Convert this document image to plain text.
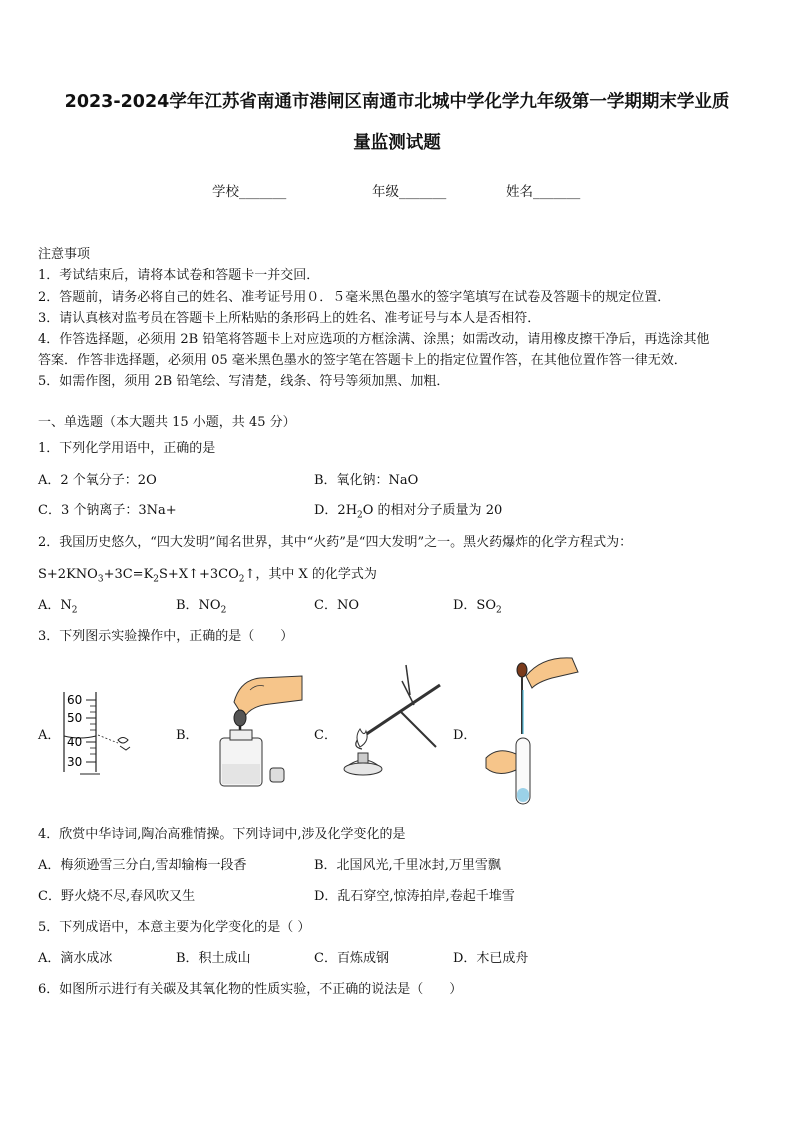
2023-2024学年江苏省南通市港闸区南通市北城中学化学九年级第一学期期末学业质
量监测试题
学校_______	年级_______	姓名_______
注意事项
1．考试结束后，请将本试卷和答题卡一并交回．
2．答题前，请务必将自己的姓名、准考证号用０．５毫米黑色墨水的签字笔填写在试卷及答题卡的规定位置．
3．请认真核对监考员在答题卡上所粘贴的条形码上的姓名、准考证号与本人是否相符．
4．作答选择题，必须用 2B 铅笔将答题卡上对应选项的方框涂满、涂黑；如需改动，请用橡皮擦干净后，再选涂其他
答案．作答非选择题，必须用 05 毫米黑色墨水的签字笔在答题卡上的指定位置作答，在其他位置作答一律无效．
5．如需作图，须用 2B 铅笔绘、写清楚，线条、符号等须加黑、加粗．
一、单选题（本大题共 15 小题，共 45 分）
1．下列化学用语中，正确的是
A．2 个氧分子：2O	B．氧化钠：NaO
C．3 个钠离子：3Na+	D．$2H_2O$ 的相对分子质量为 20
2．我国历史悠久，“四大发明”闻名世界，其中“火药”是“四大发明”之一。黑火药爆炸的化学方程式为：
$S+2KNO_3+3C=K_2S+X↑+3CO_2↑$，其中 X 的化学式为
A．$N_2$	B．$NO_2$	C．NO	D．$SO_2$
3．下列图示实验操作中，正确的是（　　）
A．	B．	C．	D．
60
50
40
30
4．欣赏中华诗词,陶冶高雅情操。下列诗词中,涉及化学变化的是
A．梅须逊雪三分白,雪却输梅一段香	B．北国风光,千里冰封,万里雪飘
C．野火烧不尽,春风吹又生	D．乱石穿空,惊涛拍岸,卷起千堆雪
5．下列成语中，本意主要为化学变化的是（ ）
A．滴水成冰	B．积土成山	C．百炼成钢	D．木已成舟
6．如图所示进行有关碳及其氧化物的性质实验，不正确的说法是（　　）
